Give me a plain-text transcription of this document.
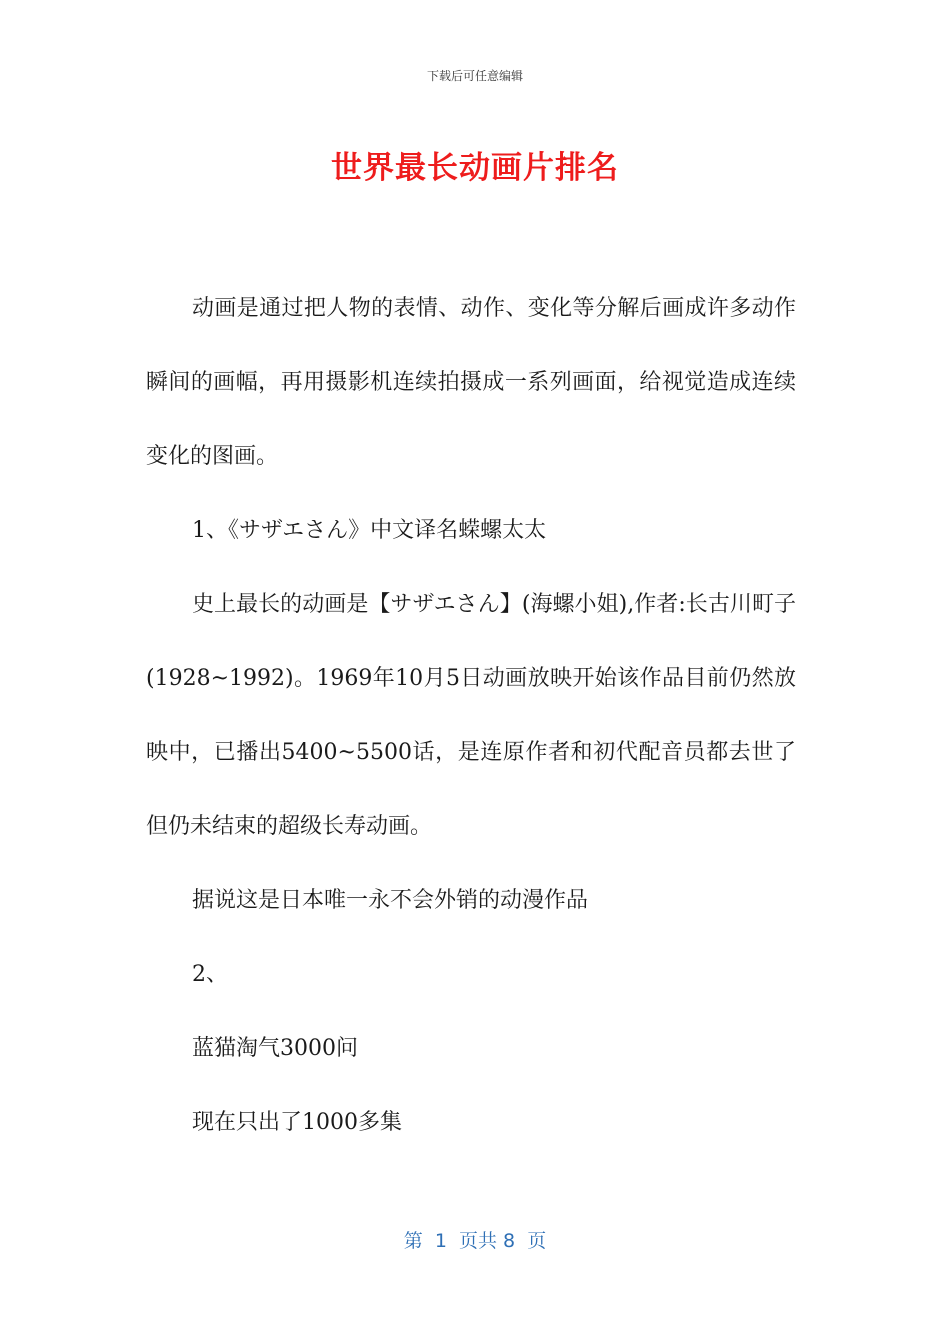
下载后可任意编辑
世界最长动画片排名

动画是通过把人物的表情、动作、变化等分解后画成许多动作瞬间的画幅，再用摄影机连续拍摄成一系列画面，给视觉造成连续变化的图画。

1、《サザエさん》中文译名蝾螺太太

史上最长的动画是【サザエさん】(海螺小姐),作者:长古川町子(1928~1992)。1969年10月5日动画放映开始该作品目前仍然放映中，已播出5400~5500话，是连原作者和初代配音员都去世了但仍未结束的超级长寿动画。

据说这是日本唯一永不会外销的动漫作品

2、

蓝猫淘气3000问

现在只出了1000多集

第  1  页共 8  页
